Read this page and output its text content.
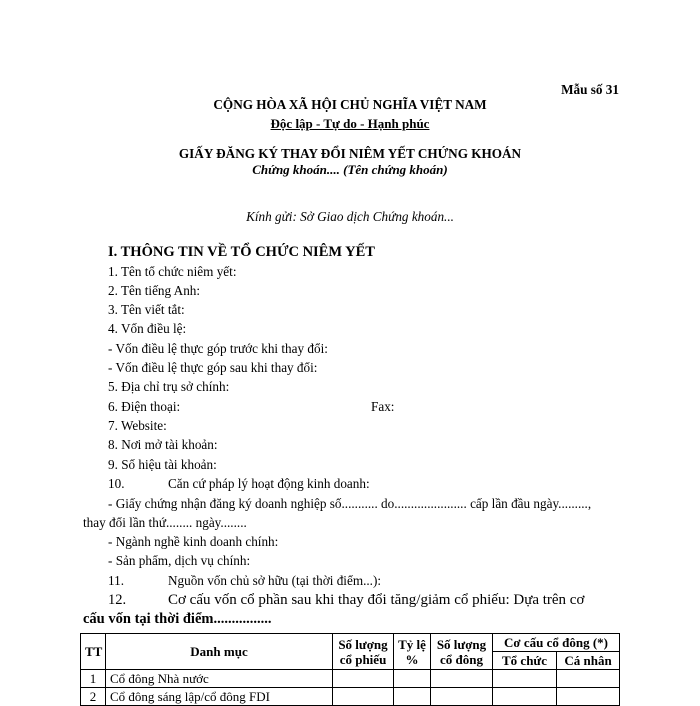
Mẫu số 31
CỘNG HÒA XÃ HỘI CHỦ NGHĨA VIỆT NAM
Độc lập - Tự do - Hạnh phúc
GIẤY ĐĂNG KÝ THAY ĐỔI NIÊM YẾT CHỨNG KHOÁN
Chứng khoán.... (Tên chứng khoán)
Kính gửi: Sở Giao dịch Chứng khoán...
I. THÔNG TIN VỀ TỔ CHỨC NIÊM YẾT
1. Tên tổ chức niêm yết:
2. Tên tiếng Anh:
3. Tên viết tắt:
4. Vốn điều lệ:
- Vốn điều lệ thực góp trước khi thay đổi:
- Vốn điều lệ thực góp sau khi thay đổi:
5. Địa chỉ trụ sở chính:
6. Điện thoại:	Fax:
7. Website:
8. Nơi mở tài khoản:
9. Số hiệu tài khoản:
10.	Căn cứ pháp lý hoạt động kinh doanh:
- Giấy chứng nhận đăng ký doanh nghiệp số........... do...................... cấp lần đầu ngày.........,
thay đổi lần thứ........ ngày........
- Ngành nghề kinh doanh chính:
- Sản phẩm, dịch vụ chính:
11.	Nguồn vốn chủ sở hữu (tại thời điểm...):
12.	Cơ cấu vốn cổ phần sau khi thay đổi tăng/giảm cổ phiếu: Dựa trên cơ
cấu vốn tại thời điểm................
TT	Danh mục	Số lượng cổ phiếu	Tỷ lệ %	Số lượng cổ đông	Cơ cấu cổ đông (*)	
					Tổ chức	Cá nhân
1	Cổ đông Nhà nước					
2	Cổ đông sáng lập/cổ đông FDI					
